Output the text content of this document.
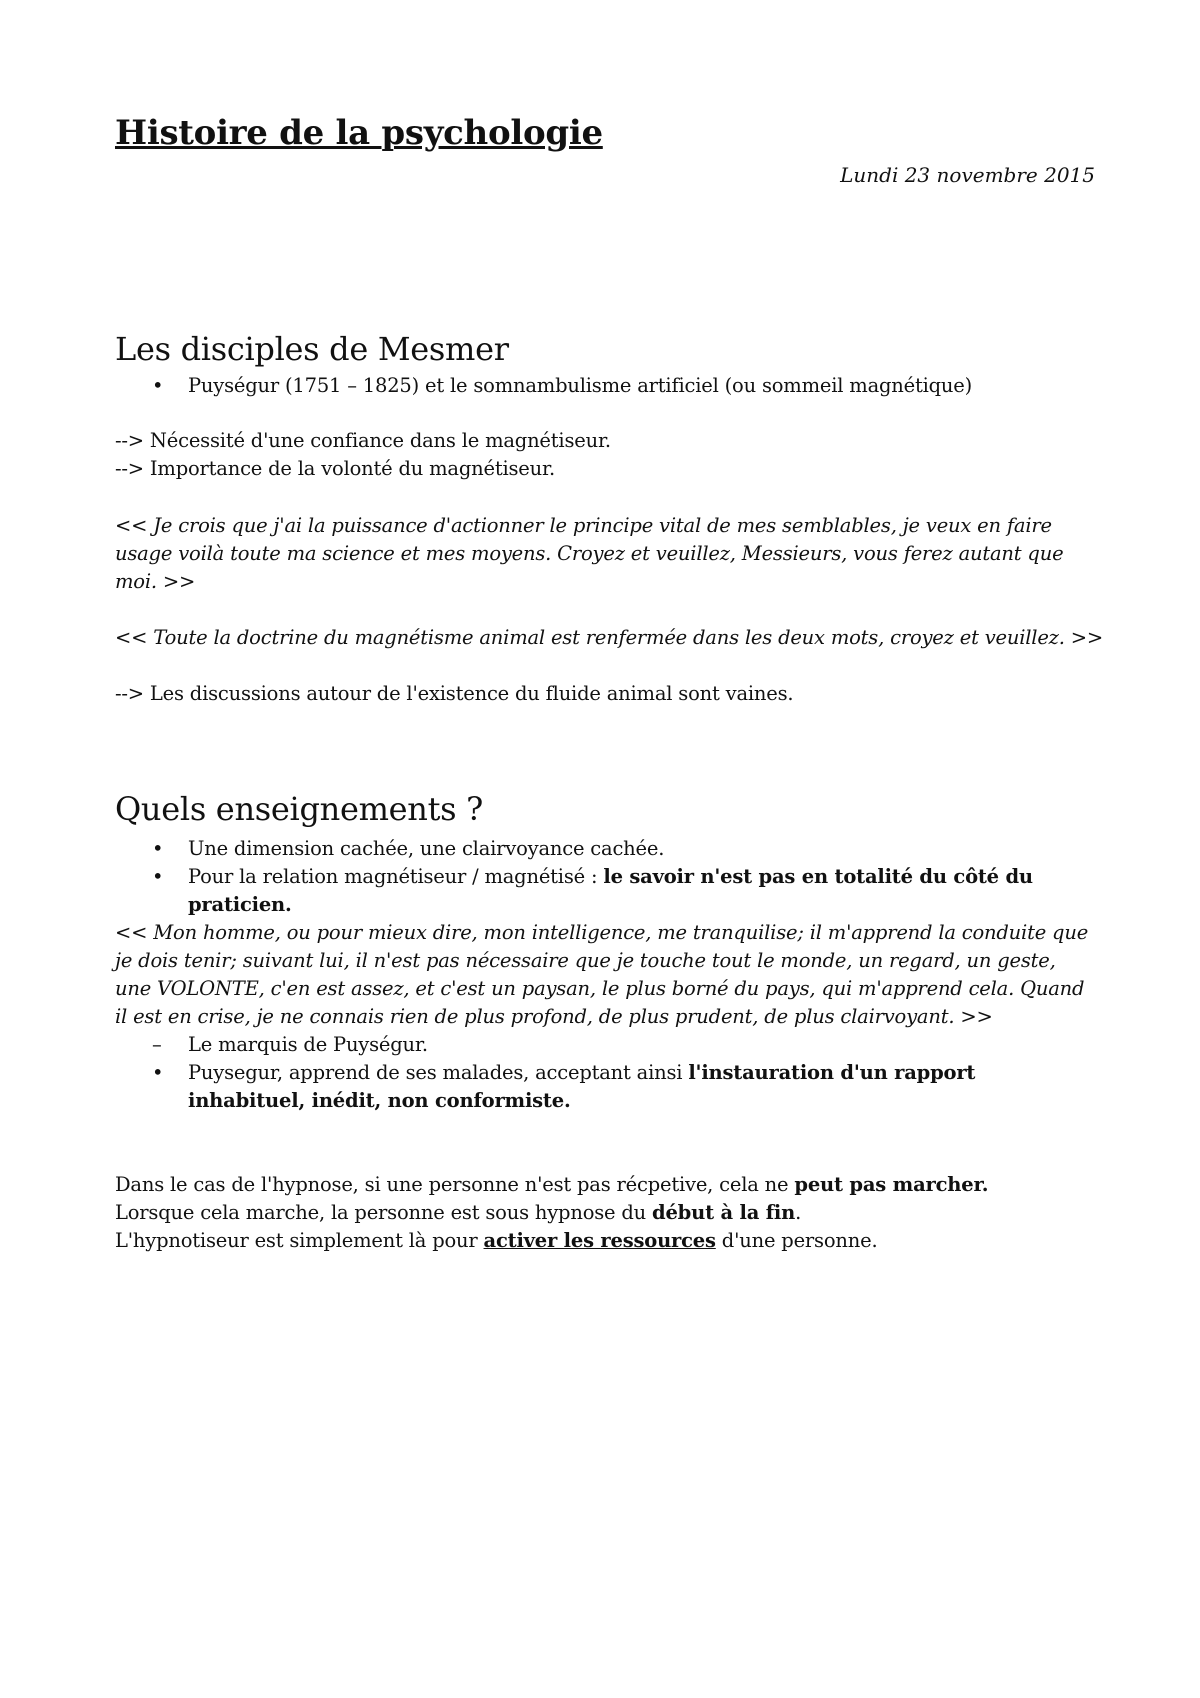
Histoire de la psychologie
Lundi 23 novembre 2015
Les disciples de Mesmer
• Puységur (1751 – 1825) et le somnambulisme artificiel (ou sommeil magnétique)
--> Nécessité d'une confiance dans le magnétiseur.
--> Importance de la volonté du magnétiseur.
<< Je crois que j'ai la puissance d'actionner le principe vital de mes semblables, je veux en faire usage voilà toute ma science et mes moyens. Croyez et veuillez, Messieurs, vous ferez autant que moi. >>
<< Toute la doctrine du magnétisme animal est renfermée dans les deux mots, croyez et veuillez. >>
--> Les discussions autour de l'existence du fluide animal sont vaines.
Quels enseignements ?
• Une dimension cachée, une clairvoyance cachée.
• Pour la relation magnétiseur / magnétisé : le savoir n'est pas en totalité du côté du praticien.
<< Mon homme, ou pour mieux dire, mon intelligence, me tranquilise; il m'apprend la conduite que je dois tenir; suivant lui, il n'est pas nécessaire que je touche tout le monde, un regard, un geste, une VOLONTE, c'en est assez, et c'est un paysan, le plus borné du pays, qui m'apprend cela. Quand il est en crise, je ne connais rien de plus profond, de plus prudent, de plus clairvoyant. >>
– Le marquis de Puységur.
• Puysegur, apprend de ses malades, acceptant ainsi l'instauration d'un rapport inhabituel, inédit, non conformiste.
Dans le cas de l'hypnose, si une personne n'est pas récpetive, cela ne peut pas marcher.
Lorsque cela marche, la personne est sous hypnose du début à la fin.
L'hypnotiseur est simplement là pour activer les ressources d'une personne.
